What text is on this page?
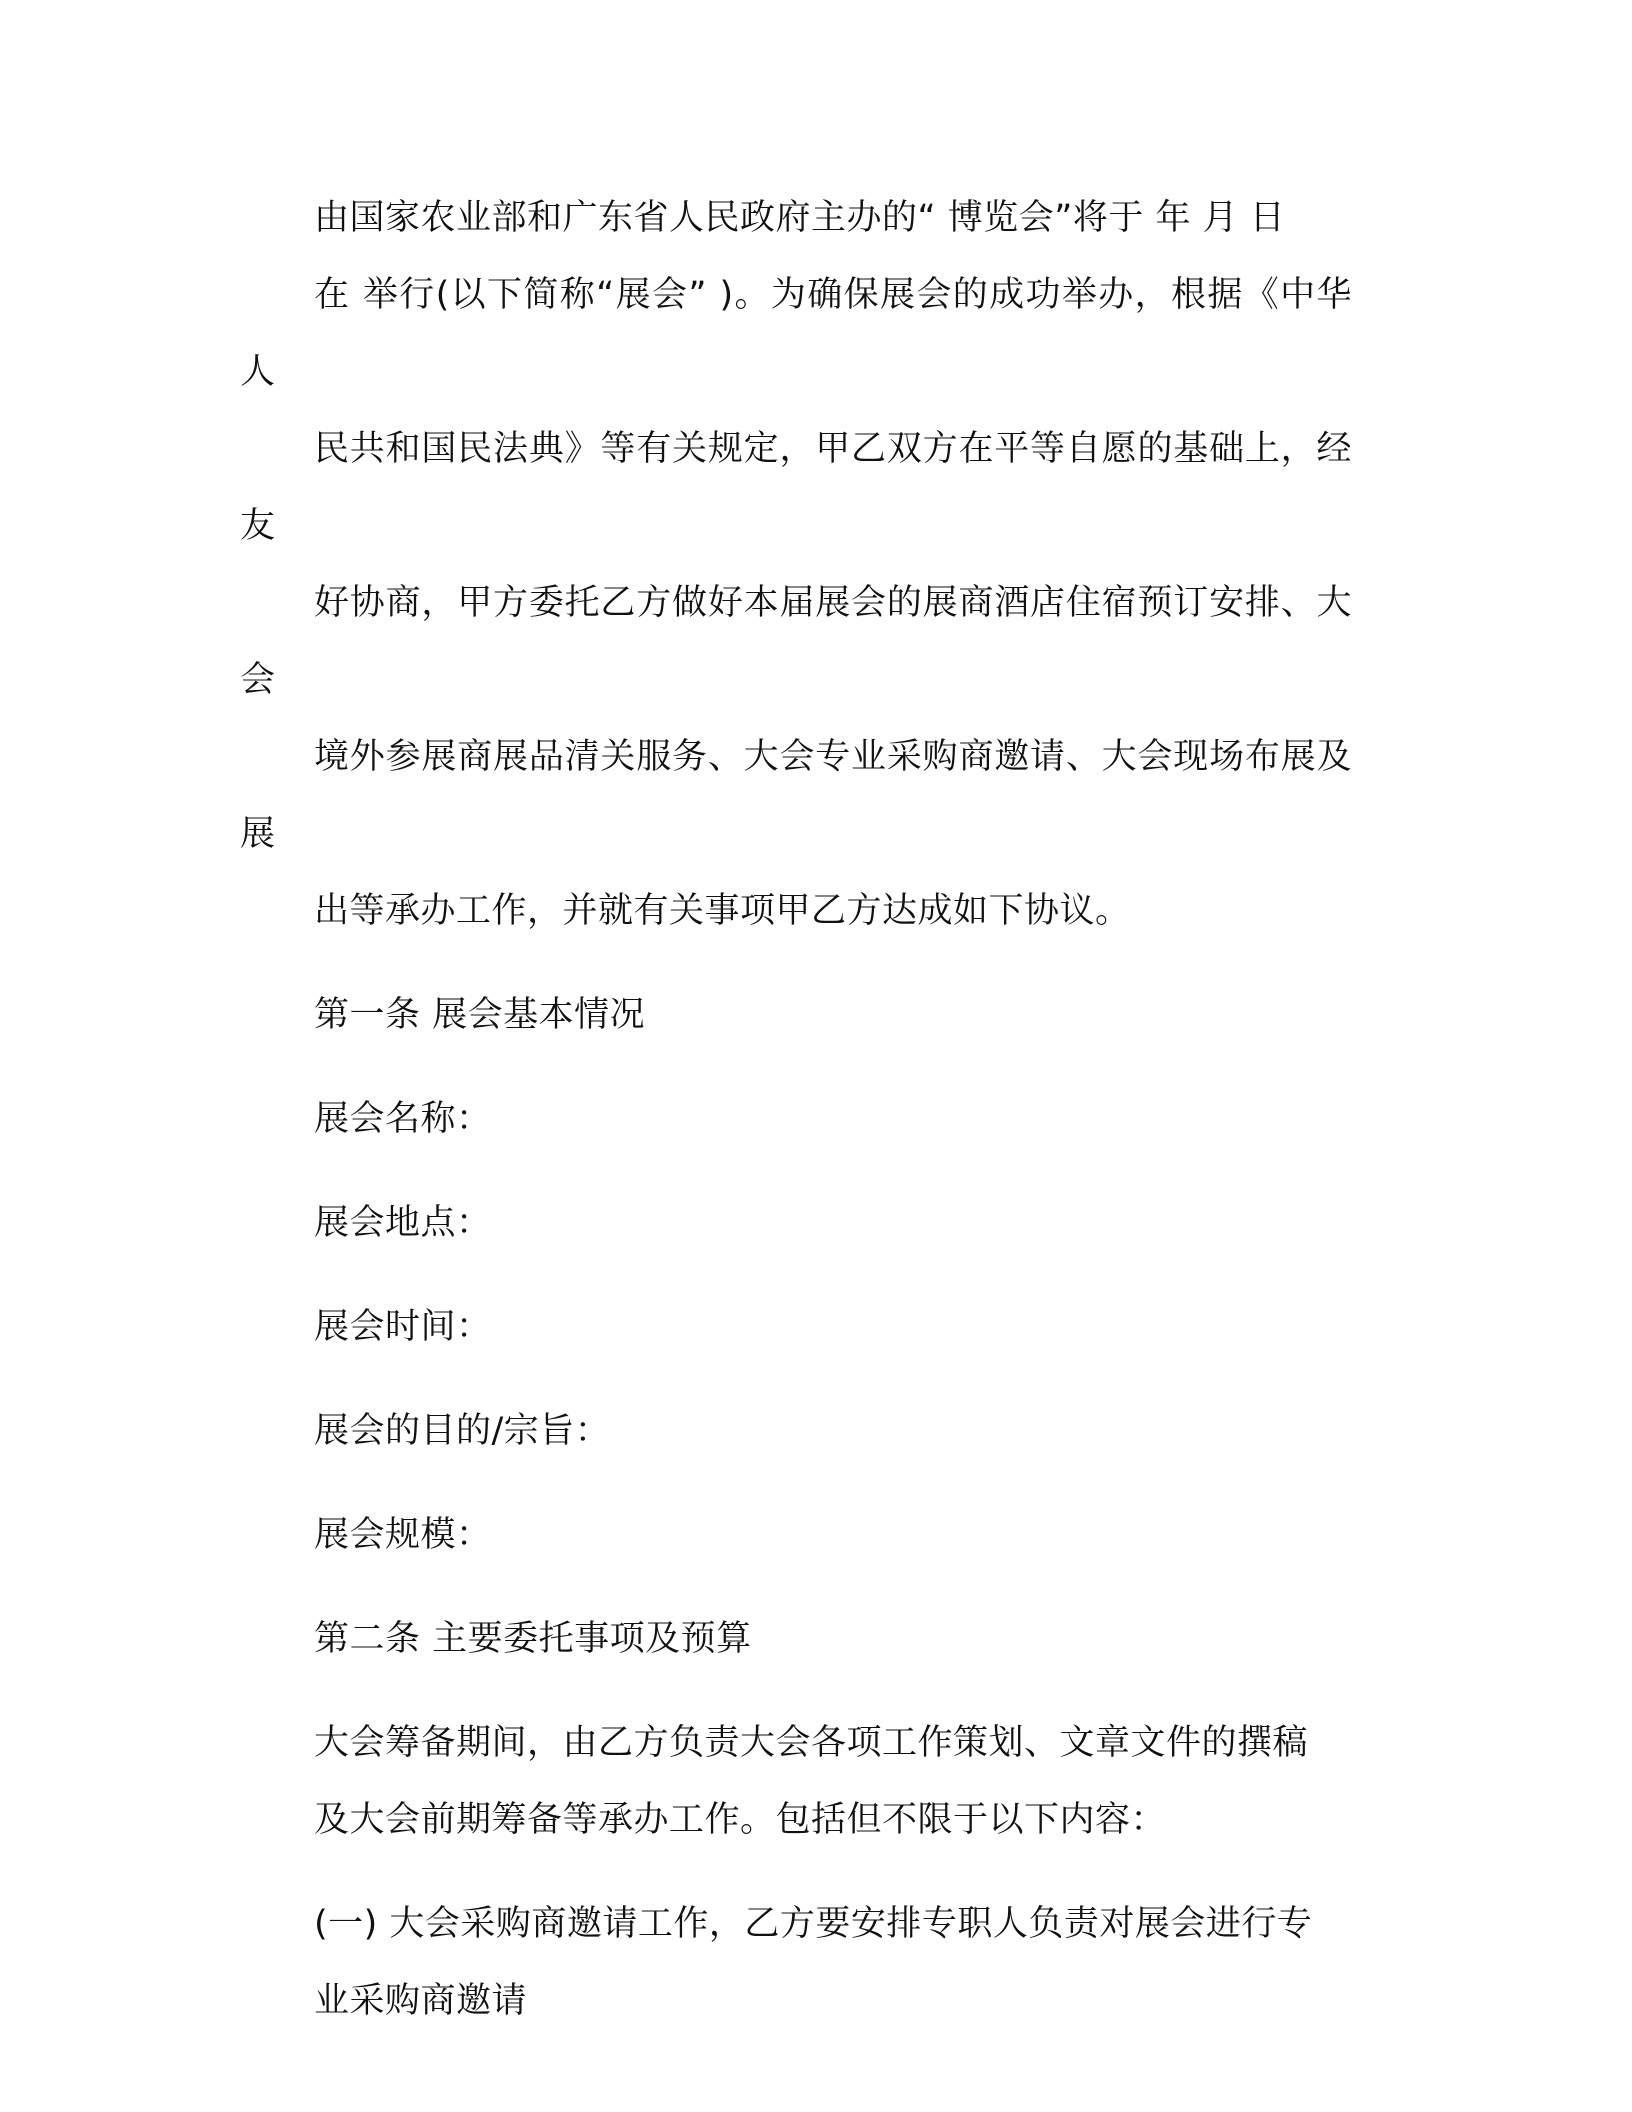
由国家农业部和广东省人民政府主办的“ 博览会”将于 年 月 日
在 举行(以下简称“展会” )。为确保展会的成功举办，根据《中华人
民共和国民法典》等有关规定，甲乙双方在平等自愿的基础上，经友
好协商，甲方委托乙方做好本届展会的展商酒店住宿预订安排、大会
境外参展商展品清关服务、大会专业采购商邀请、大会现场布展及展
出等承办工作，并就有关事项甲乙方达成如下协议。

第一条 展会基本情况

展会名称：

展会地点：

展会时间：

展会的目的/宗旨：

展会规模：

第二条 主要委托事项及预算

大会筹备期间，由乙方负责大会各项工作策划、文章文件的撰稿
及大会前期筹备等承办工作。包括但不限于以下内容：

(一) 大会采购商邀请工作，乙方要安排专职人负责对展会进行专
业采购商邀请
